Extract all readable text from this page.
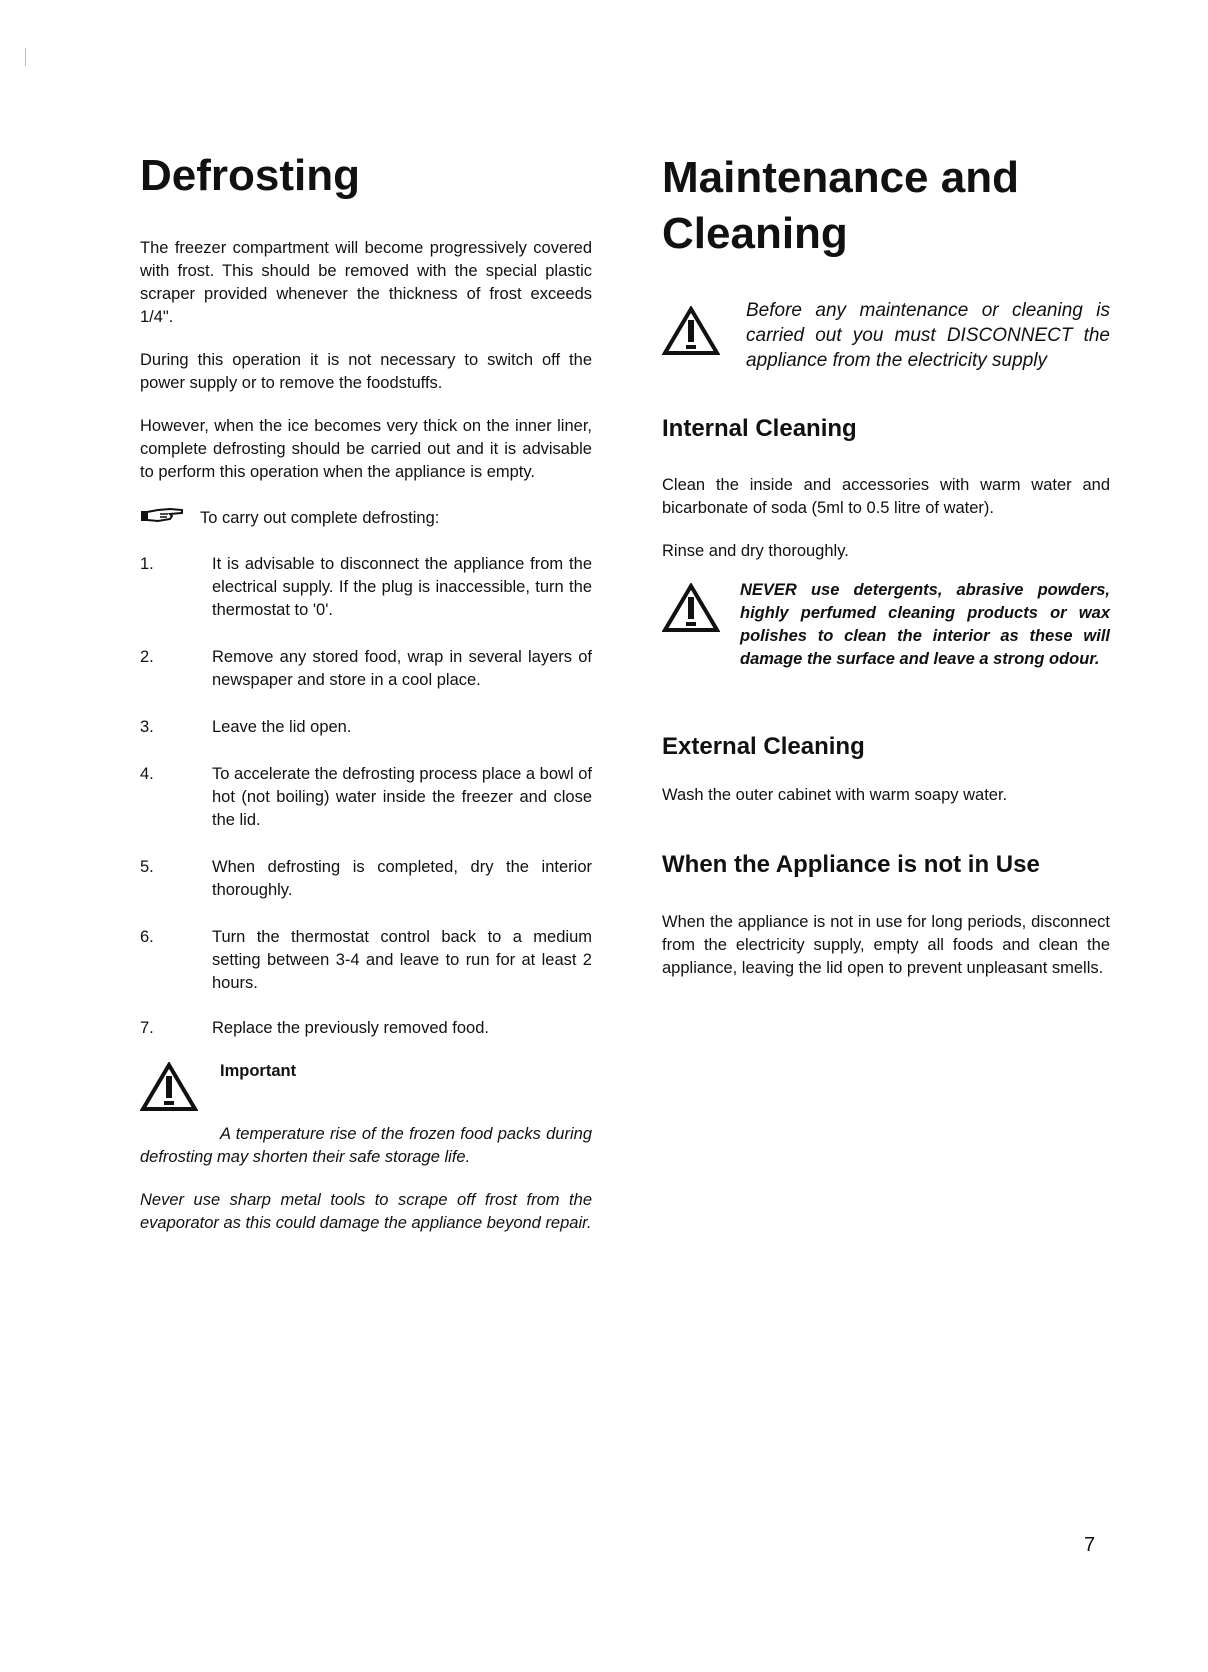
Defrosting

The freezer compartment will become progressively covered with frost. This should be removed with the special plastic scraper provided whenever the thickness of frost exceeds 1/4".

During this operation it is not necessary to switch off the power supply or to remove the foodstuffs.

However, when the ice becomes very thick on the inner liner, complete defrosting should be carried out and it is advisable to perform this operation when the appliance is empty.

To carry out complete defrosting:
1.	It is advisable to disconnect the appliance from the electrical supply. If the plug is inaccessible, turn the thermostat to '0'.
2.	Remove any stored food, wrap in several layers of newspaper and store in a cool place.
3.	Leave the lid open.
4.	To accelerate the defrosting process place a bowl of hot (not boiling) water inside the freezer and close the lid.
5.	When defrosting is completed, dry the interior thoroughly.
6.	Turn the thermostat control back to a medium setting between 3-4 and leave to run for at least 2 hours.
7.	Replace the previously removed food.
Important

A temperature rise of the frozen food packs during defrosting may shorten their safe storage life.

Never use sharp metal tools to scrape off frost from the evaporator as this could damage the appliance beyond repair.

Maintenance and
Cleaning

Before any maintenance or cleaning is carried out you must DISCONNECT the appliance from the electricity supply

Internal Cleaning

Clean the inside and accessories with warm water and bicarbonate of soda (5ml to 0.5 litre of water).

Rinse and dry thoroughly.

NEVER use detergents, abrasive powders, highly perfumed cleaning products or wax polishes to clean the interior as these will damage the surface and leave a strong odour.

External Cleaning

Wash the outer cabinet with warm soapy water.

When the Appliance is not in Use

When the appliance is not in use for long periods, disconnect from the electricity supply, empty all foods and clean the appliance, leaving the lid open to prevent unpleasant smells.

7
